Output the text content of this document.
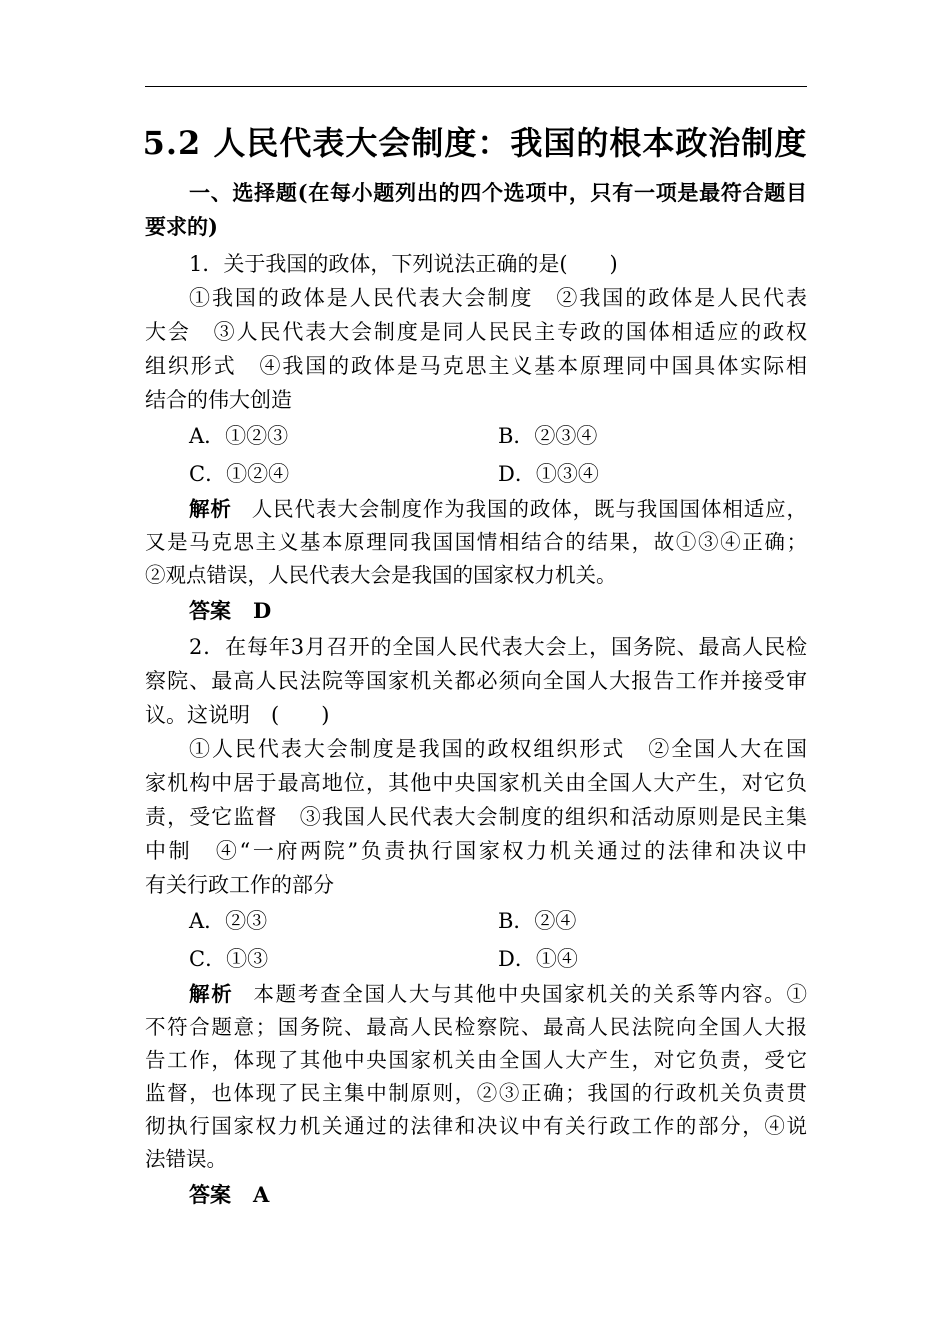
5.2 人民代表大会制度：我国的根本政治制度

一、选择题(在每小题列出的四个选项中，只有一项是最符合题目

要求的)

1．关于我国的政体，下列说法正确的是(　　)

①我国的政体是人民代表大会制度　②我国的政体是人民代表

大会　③人民代表大会制度是同人民民主专政的国体相适应的政权

组织形式　④我国的政体是马克思主义基本原理同中国具体实际相

结合的伟大创造

A．①②③	B．②③④
C．①②④	D．①③④

解析 人民代表大会制度作为我国的政体，既与我国国体相适应，

又是马克思主义基本原理同我国国情相结合的结果，故①③④正确；

②观点错误，人民代表大会是我国的国家权力机关。

答案 D

2．在每年3月召开的全国人民代表大会上，国务院、最高人民检

察院、最高人民法院等国家机关都必须向全国人大报告工作并接受审

议。这说明　(　　)

①人民代表大会制度是我国的政权组织形式　②全国人大在国

家机构中居于最高地位，其他中央国家机关由全国人大产生，对它负

责，受它监督　③我国人民代表大会制度的组织和活动原则是民主集

中制　④“一府两院”负责执行国家权力机关通过的法律和决议中

有关行政工作的部分

A．②③	B．②④
C．①③	D．①④

解析 本题考查全国人大与其他中央国家机关的关系等内容。①

不符合题意；国务院、最高人民检察院、最高人民法院向全国人大报

告工作，体现了其他中央国家机关由全国人大产生，对它负责，受它

监督，也体现了民主集中制原则，②③正确；我国的行政机关负责贯

彻执行国家权力机关通过的法律和决议中有关行政工作的部分，④说

法错误。

答案 A
